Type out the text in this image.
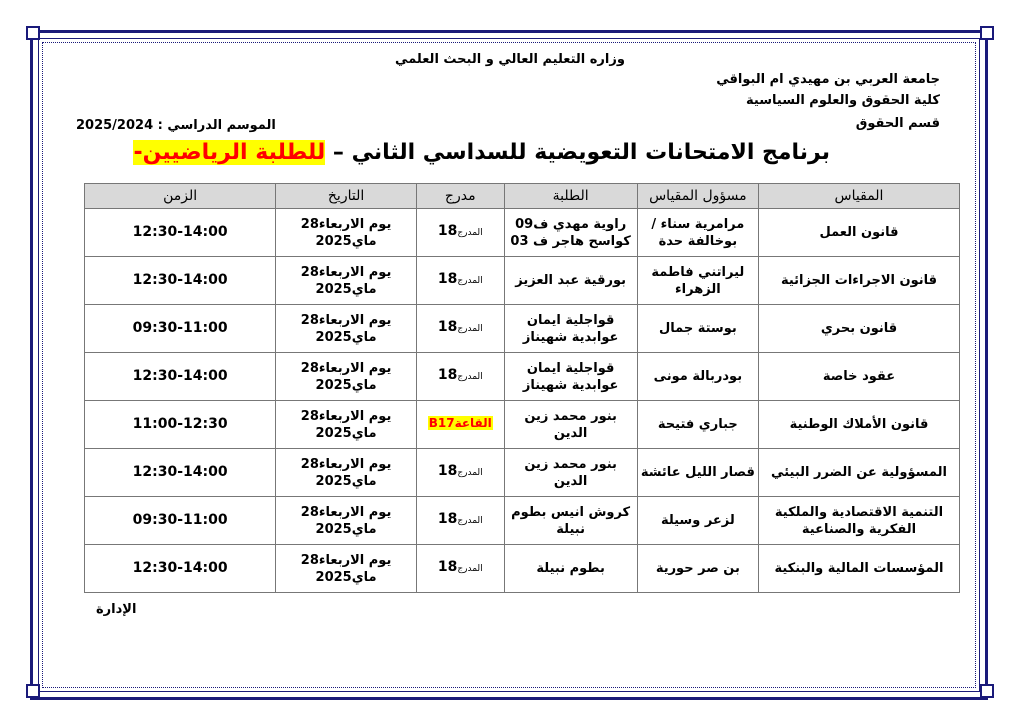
وزاره التعليم العالي و البحث العلمي
جامعة العربي بن مهيدي ام البواقي
كلية الحقوق والعلوم السياسية
قسم الحقوق
الموسم الدراسي : 2025/2024
برنامج الامتحانات التعويضية للسداسي الثاني – للطلبة الرياضيين-
المقياس	مسؤول المقياس	الطلبة	مدرج	التاريخ	الزمن
قانون العمل	مرامرية سناء / بوخالفة حدة	راوية مهدي ف09 كواسح هاجر ف 03	المدرج18	يوم الاربعاء28 ماي2025	12:30-14:00
قانون الاجراءات الجزائية	ليراتني فاطمة الزهراء	بورقية عبد العزيز	المدرج18	يوم الاربعاء28 ماي2025	12:30-14:00
قانون بحري	بوستة جمال	قواجلية ايمان عوابدية شهيناز	المدرج18	يوم الاربعاء28 ماي2025	09:30-11:00
عقود خاصة	بودربالة مونى	قواجلية ايمان عوابدية شهيناز	المدرج18	يوم الاربعاء28 ماي2025	12:30-14:00
قانون الأملاك الوطنية	جباري فتيحة	بنور محمد زين الدين	القاعةB17	يوم الاربعاء28 ماي2025	11:00-12:30
المسؤولية عن الضرر البيئي	قصار الليل عائشة	بنور محمد زين الدين	المدرج18	يوم الاربعاء28 ماي2025	12:30-14:00
التنمية الاقتصادية والملكية الفكرية والصناعية	لزعر وسيلة	كروش انيس بطوم نبيلة	المدرج18	يوم الاربعاء28 ماي2025	09:30-11:00
المؤسسات المالية والبنكية	بن صر حورية	بطوم نبيلة	المدرج18	يوم الاربعاء28 ماي2025	12:30-14:00
الإدارة
